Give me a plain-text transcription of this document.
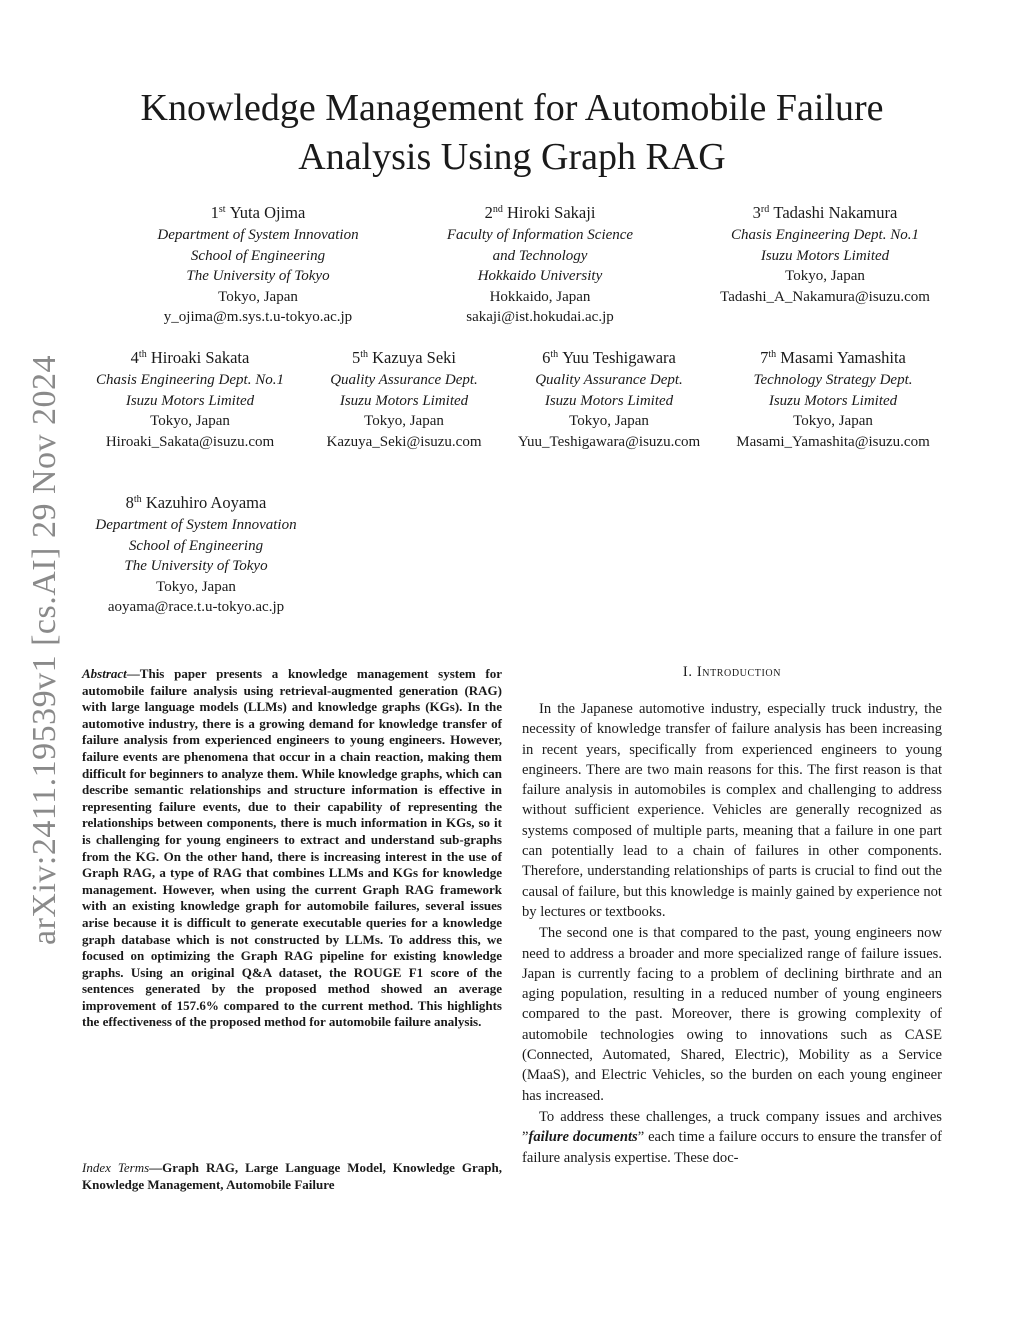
Knowledge Management for Automobile Failure
Analysis Using Graph RAG
arXiv:2411.19539v1 [cs.AI] 29 Nov 2024
1st Yuta Ojima
Department of System Innovation
School of Engineering
The University of Tokyo
Tokyo, Japan
y_ojima@m.sys.t.u-tokyo.ac.jp
2nd Hiroki Sakaji
Faculty of Information Science
and Technology
Hokkaido University
Hokkaido, Japan
sakaji@ist.hokudai.ac.jp
3rd Tadashi Nakamura
Chasis Engineering Dept. No.1
Isuzu Motors Limited
Tokyo, Japan
Tadashi_A_Nakamura@isuzu.com
4th Hiroaki Sakata
Chasis Engineering Dept. No.1
Isuzu Motors Limited
Tokyo, Japan
Hiroaki_Sakata@isuzu.com
5th Kazuya Seki
Quality Assurance Dept.
Isuzu Motors Limited
Tokyo, Japan
Kazuya_Seki@isuzu.com
6th Yuu Teshigawara
Quality Assurance Dept.
Isuzu Motors Limited
Tokyo, Japan
Yuu_Teshigawara@isuzu.com
7th Masami Yamashita
Technology Strategy Dept.
Isuzu Motors Limited
Tokyo, Japan
Masami_Yamashita@isuzu.com
8th Kazuhiro Aoyama
Department of System Innovation
School of Engineering
The University of Tokyo
Tokyo, Japan
aoyama@race.t.u-tokyo.ac.jp
Abstract—This paper presents a knowledge management system for automobile failure analysis using retrieval-augmented generation (RAG) with large language models (LLMs) and knowledge graphs (KGs). In the automotive industry, there is a growing demand for knowledge transfer of failure analysis from experienced engineers to young engineers. However, failure events are phenomena that occur in a chain reaction, making them difficult for beginners to analyze them. While knowledge graphs, which can describe semantic relationships and structure information is effective in representing failure events, due to their capability of representing the relationships between components, there is much information in KGs, so it is challenging for young engineers to extract and understand sub-graphs from the KG. On the other hand, there is increasing interest in the use of Graph RAG, a type of RAG that combines LLMs and KGs for knowledge management. However, when using the current Graph RAG framework with an existing knowledge graph for automobile failures, several issues arise because it is difficult to generate executable queries for a knowledge graph database which is not constructed by LLMs. To address this, we focused on optimizing the Graph RAG pipeline for existing knowledge graphs. Using an original Q&A dataset, the ROUGE F1 score of the sentences generated by the proposed method showed an average improvement of 157.6% compared to the current method. This highlights the effectiveness of the proposed method for automobile failure analysis.
Index Terms—Graph RAG, Large Language Model, Knowledge Graph, Knowledge Management, Automobile Failure
I. Introduction

In the Japanese automotive industry, especially truck industry, the necessity of knowledge transfer of failure analysis has been increasing in recent years, specifically from experienced engineers to young engineers. There are two main reasons for this. The first reason is that failure analysis in automobiles is complex and challenging to address without sufficient experience. Vehicles are generally recognized as systems composed of multiple parts, meaning that a failure in one part can potentially lead to a chain of failures in other components. Therefore, understanding relationships of parts is crucial to find out the causal of failure, but this knowledge is mainly gained by experience not by lectures or textbooks.

The second one is that compared to the past, young engineers now need to address a broader and more specialized range of failure issues. Japan is currently facing to a problem of declining birthrate and an aging population, resulting in a reduced number of young engineers compared to the past. Moreover, there is growing complexity of automobile technologies owing to innovations such as CASE (Connected, Automated, Shared, Electric), Mobility as a Service (MaaS), and Electric Vehicles, so the burden on each young engineer has increased.

To address these challenges, a truck company issues and archives ”failure documents” each time a failure occurs to ensure the transfer of failure analysis expertise. These doc-
